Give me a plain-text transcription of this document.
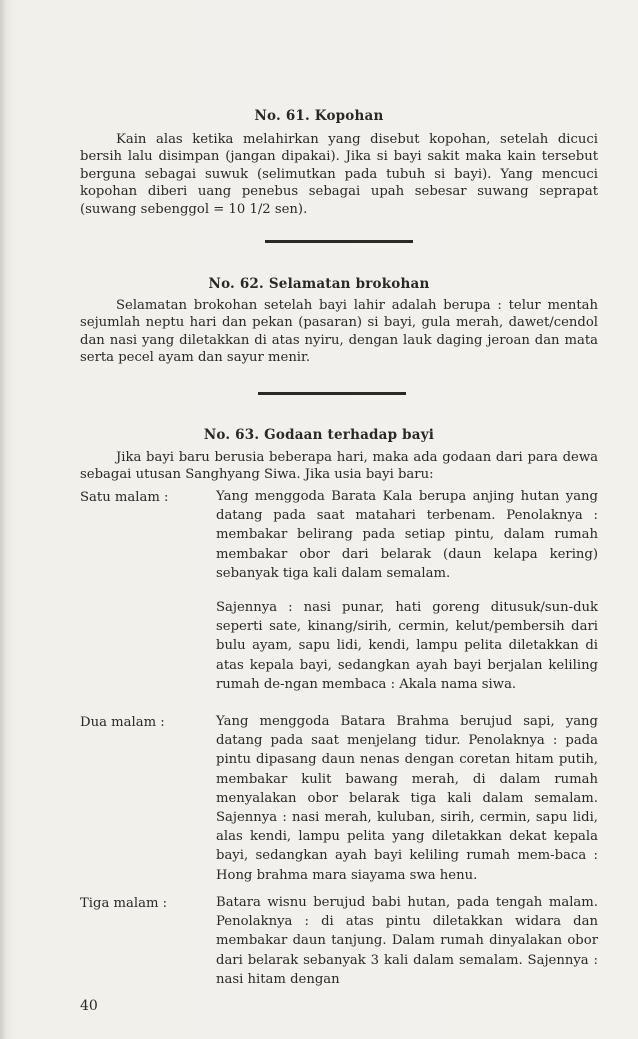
No. 61. Kopohan
Kain alas ketika melahirkan yang disebut kopohan, setelah dicuci bersih lalu disimpan (jangan dipakai). Jika si bayi sakit maka kain tersebut berguna sebagai suwuk (selimutkan pada tubuh si bayi). Yang mencuci kopohan diberi uang penebus sebagai upah sebesar suwang seprapat (suwang sebenggol = 10 1/2 sen).
No. 62. Selamatan brokohan
Selamatan brokohan setelah bayi lahir adalah berupa : telur mentah sejumlah neptu hari dan pekan (pasaran) si bayi, gula merah, dawet/cendol dan nasi yang diletakkan di atas nyiru, dengan lauk daging jeroan dan mata serta pecel ayam dan sayur menir.
No. 63. Godaan terhadap bayi
Jika bayi baru berusia beberapa hari, maka ada godaan dari para dewa sebagai utusan Sanghyang Siwa. Jika usia bayi baru:
Satu malam :	Yang menggoda Barata Kala berupa anjing hutan yang datang pada saat matahari terbenam. Penolaknya : membakar belirang pada setiap pintu, dalam rumah membakar obor dari belarak (daun kelapa kering) sebanyak tiga kali dalam semalam.
Sajennya : nasi punar, hati goreng ditusuk/sun-duk seperti sate, kinang/sirih, cermin, kelut/pembersih dari bulu ayam, sapu lidi, kendi, lampu pelita diletakkan di atas kepala bayi, sedangkan ayah bayi berjalan keliling rumah de-ngan membaca : Akala nama siwa.
Dua malam :	Yang menggoda Batara Brahma berujud sapi, yang datang pada saat menjelang tidur. Penolaknya : pada pintu dipasang daun nenas dengan coretan hitam putih, membakar kulit bawang merah, di dalam rumah menyalakan obor belarak tiga kali dalam semalam. Sajennya : nasi merah, kuluban, sirih, cermin, sapu lidi, alas kendi, lampu pelita yang diletakkan dekat kepala bayi, sedangkan ayah bayi keliling rumah mem-baca : Hong brahma mara siayama swa henu.
Tiga malam :	Batara wisnu berujud babi hutan, pada tengah malam. Penolaknya : di atas pintu diletakkan widara dan membakar daun tanjung. Dalam rumah dinyalakan obor dari belarak sebanyak 3 kali dalam semalam. Sajennya : nasi hitam dengan
40
